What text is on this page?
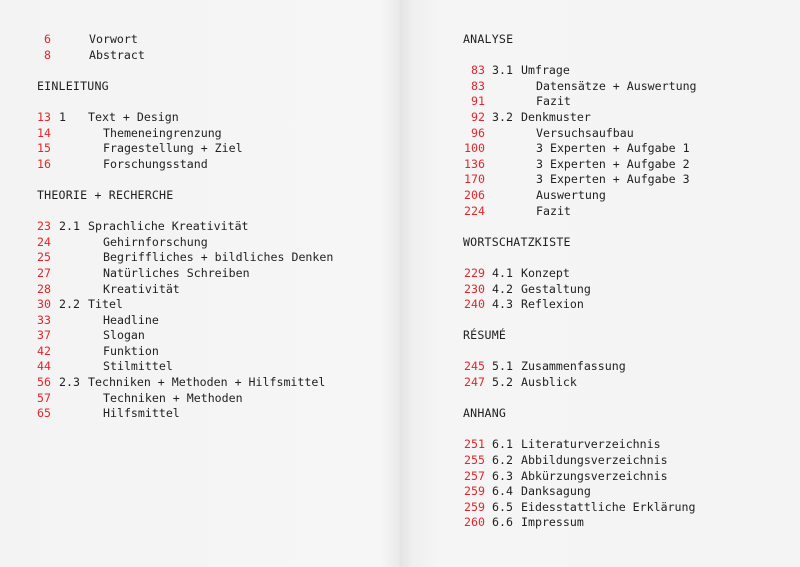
6	Vorwort
8	Abstract
EINLEITUNG
13 1 Text + Design
14	Themeneingrenzung
15	Fragestellung + Ziel
16	Forschungsstand
THEORIE + RECHERCHE
23 2.1 Sprachliche Kreativität
24	Gehirnforschung
25	Begriffliches + bildliches Denken
27	Natürliches Schreiben
28	Kreativität
30 2.2 Titel
33	Headline
37	Slogan
42	Funktion
44	Stilmittel
56 2.3 Techniken + Methoden + Hilfsmittel
57	Techniken + Methoden
65	Hilfsmittel
ANALYSE
83 3.1 Umfrage
83	Datensätze + Auswertung
91	Fazit
92 3.2 Denkmuster
96	Versuchsaufbau
100	3 Experten + Aufgabe 1
136	3 Experten + Aufgabe 2
170	3 Experten + Aufgabe 3
206	Auswertung
224	Fazit
WORTSCHATZKISTE
229 4.1 Konzept
230 4.2 Gestaltung
240 4.3 Reflexion
RÉSUMÉ
245 5.1 Zusammenfassung
247 5.2 Ausblick
ANHANG
251 6.1 Literaturverzeichnis
255 6.2 Abbildungsverzeichnis
257 6.3 Abkürzungsverzeichnis
259 6.4 Danksagung
259 6.5 Eidesstattliche Erklärung
260 6.6 Impressum
